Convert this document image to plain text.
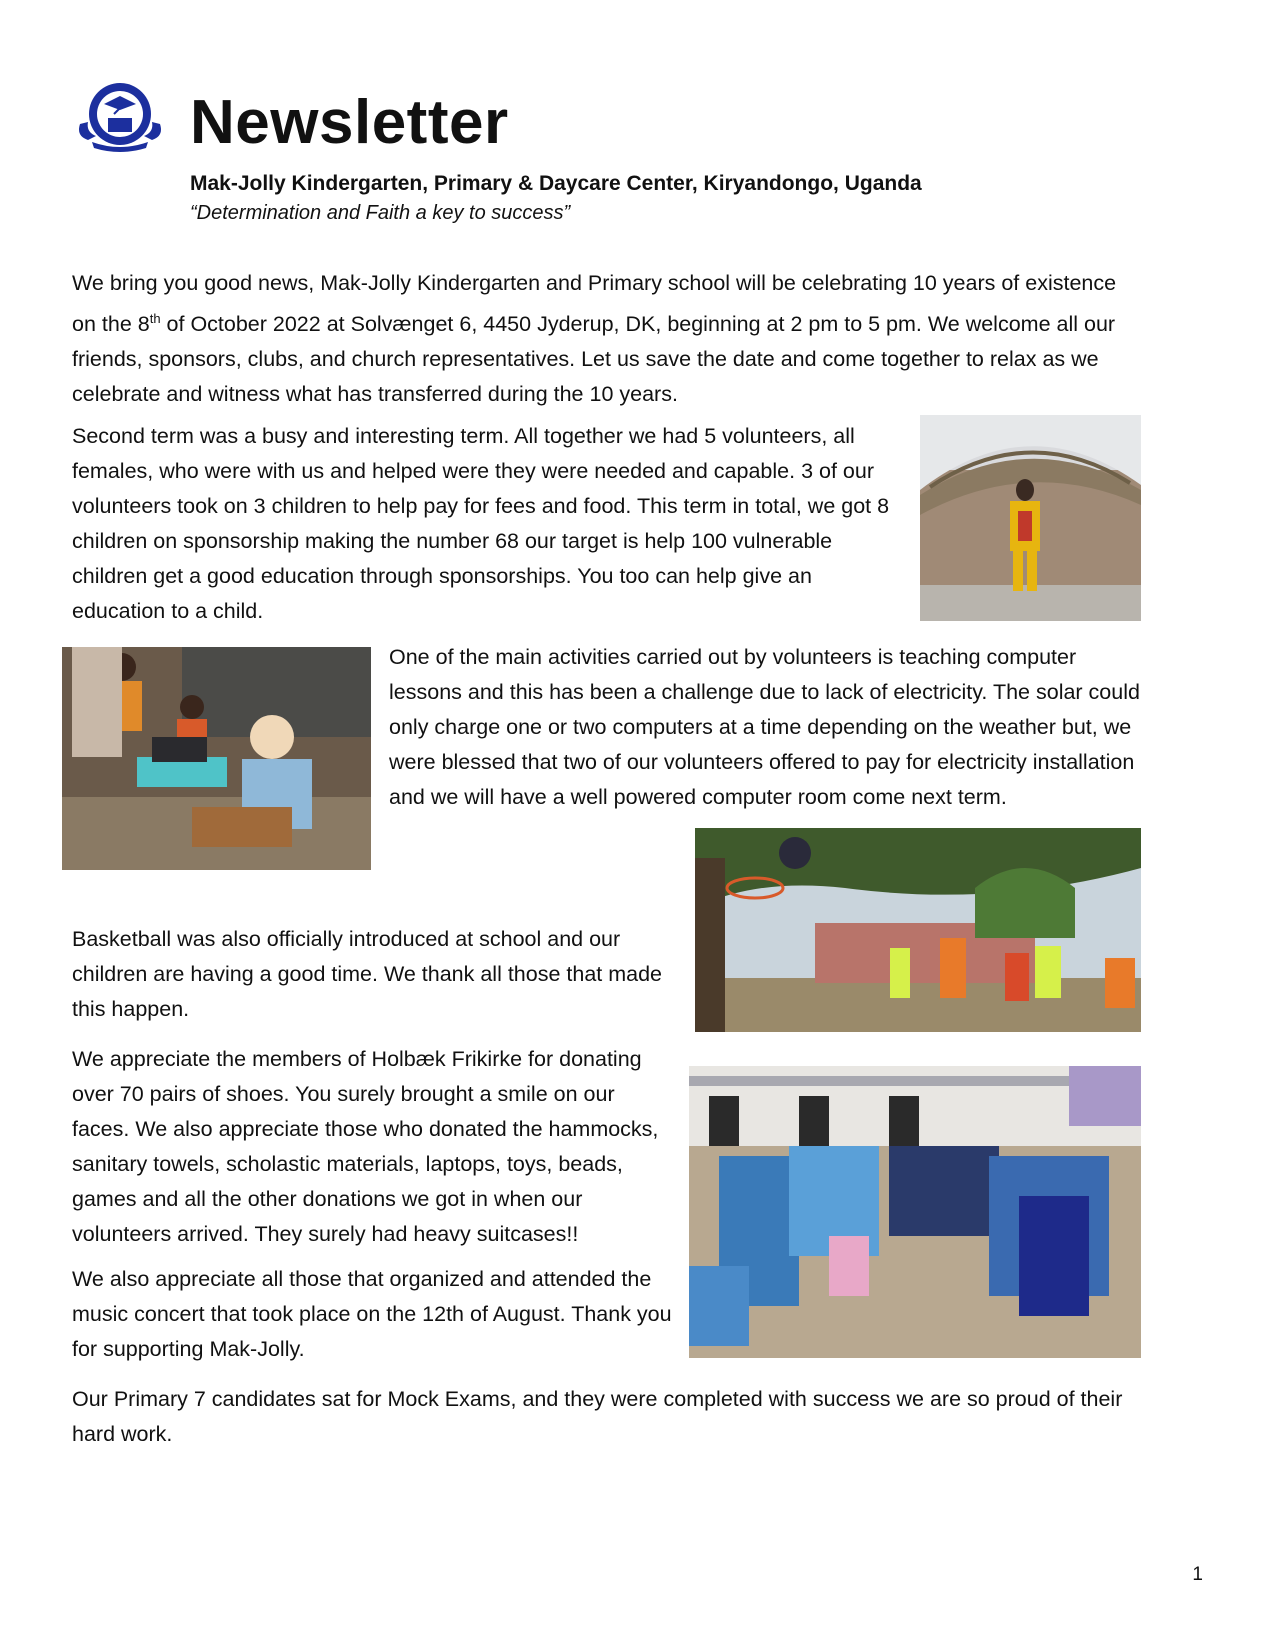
Newsletter
Mak-Jolly Kindergarten, Primary & Daycare Center, Kiryandongo, Uganda
“Determination and Faith a key to success”

We bring you good news, Mak-Jolly Kindergarten and Primary school will be celebrating 10 years of existence on the 8th of October 2022 at Solvænget 6, 4450 Jyderup, DK, beginning at 2 pm to 5 pm. We welcome all our friends, sponsors, clubs, and church representatives. Let us save the date and come together to relax as we celebrate and witness what has transferred during the 10 years.

Second term was a busy and interesting term. All together we had 5 volunteers, all females, who were with us and helped were they were needed and capable. 3 of our volunteers took on 3 children to help pay for fees and food. This term in total, we got 8 children on sponsorship making the number 68 our target is help 100 vulnerable children get a good education through sponsorships. You too can help give an education to a child.

One of the main activities carried out by volunteers is teaching computer lessons and this has been a challenge due to lack of electricity. The solar could only charge one or two computers at a time depending on the weather but, we were blessed that two of our volunteers offered to pay for electricity installation and we will have a well powered computer room come next term.

Basketball was also officially introduced at school and our children are having a good time. We thank all those that made this happen.

We appreciate the members of Holbæk Frikirke for donating over 70 pairs of shoes. You surely brought a smile on our faces. We also appreciate those who donated the hammocks, sanitary towels, scholastic materials, laptops, toys, beads, games and all the other donations we got in when our volunteers arrived. They surely had heavy suitcases!!

We also appreciate all those that organized and attended the music concert that took place on the 12th of August. Thank you for supporting Mak-Jolly.

Our Primary 7 candidates sat for Mock Exams, and they were completed with success we are so proud of their hard work.

1
